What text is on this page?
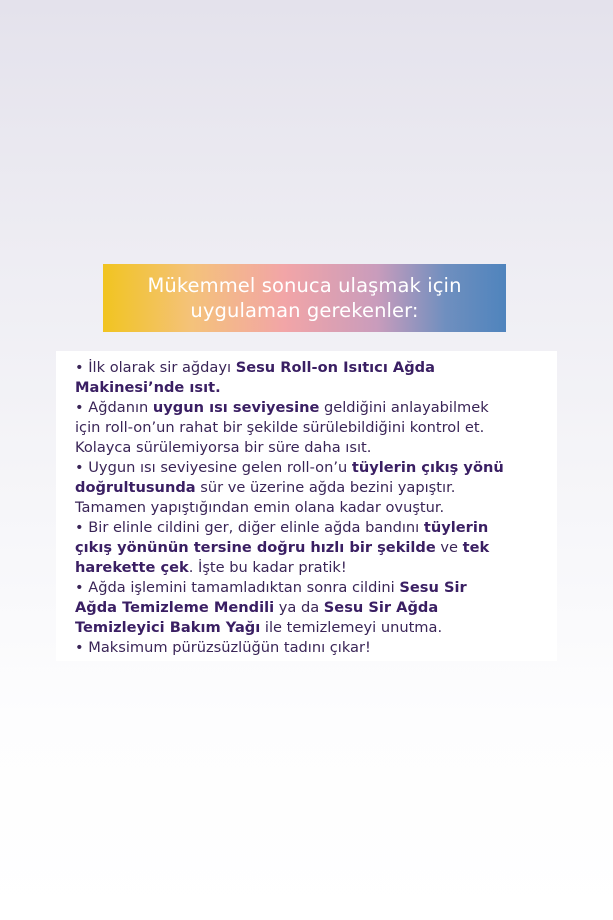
Mükemmel sonuca ulaşmak için
uygulaman gerekenler:

• İlk olarak sir ağdayı Sesu Roll-on Isıtıcı Ağda

Makinesi’nde ısıt.

• Ağdanın uygun ısı seviyesine geldiğini anlayabilmek

için roll-on’un rahat bir şekilde sürülebildiğini kontrol et.

Kolayca sürülemiyorsa bir süre daha ısıt.

• Uygun ısı seviyesine gelen roll-on’u tüylerin çıkış yönü

doğrultusunda sür ve üzerine ağda bezini yapıştır.

Tamamen yapıştığından emin olana kadar ovuştur.

• Bir elinle cildini ger, diğer elinle ağda bandını tüylerin

çıkış yönünün tersine doğru hızlı bir şekilde ve tek

harekette çek. İşte bu kadar pratik!

• Ağda işlemini tamamladıktan sonra cildini Sesu Sir

Ağda Temizleme Mendili ya da Sesu Sir Ağda

Temizleyici Bakım Yağı ile temizlemeyi unutma.

• Maksimum pürüzsüzlüğün tadını çıkar!
